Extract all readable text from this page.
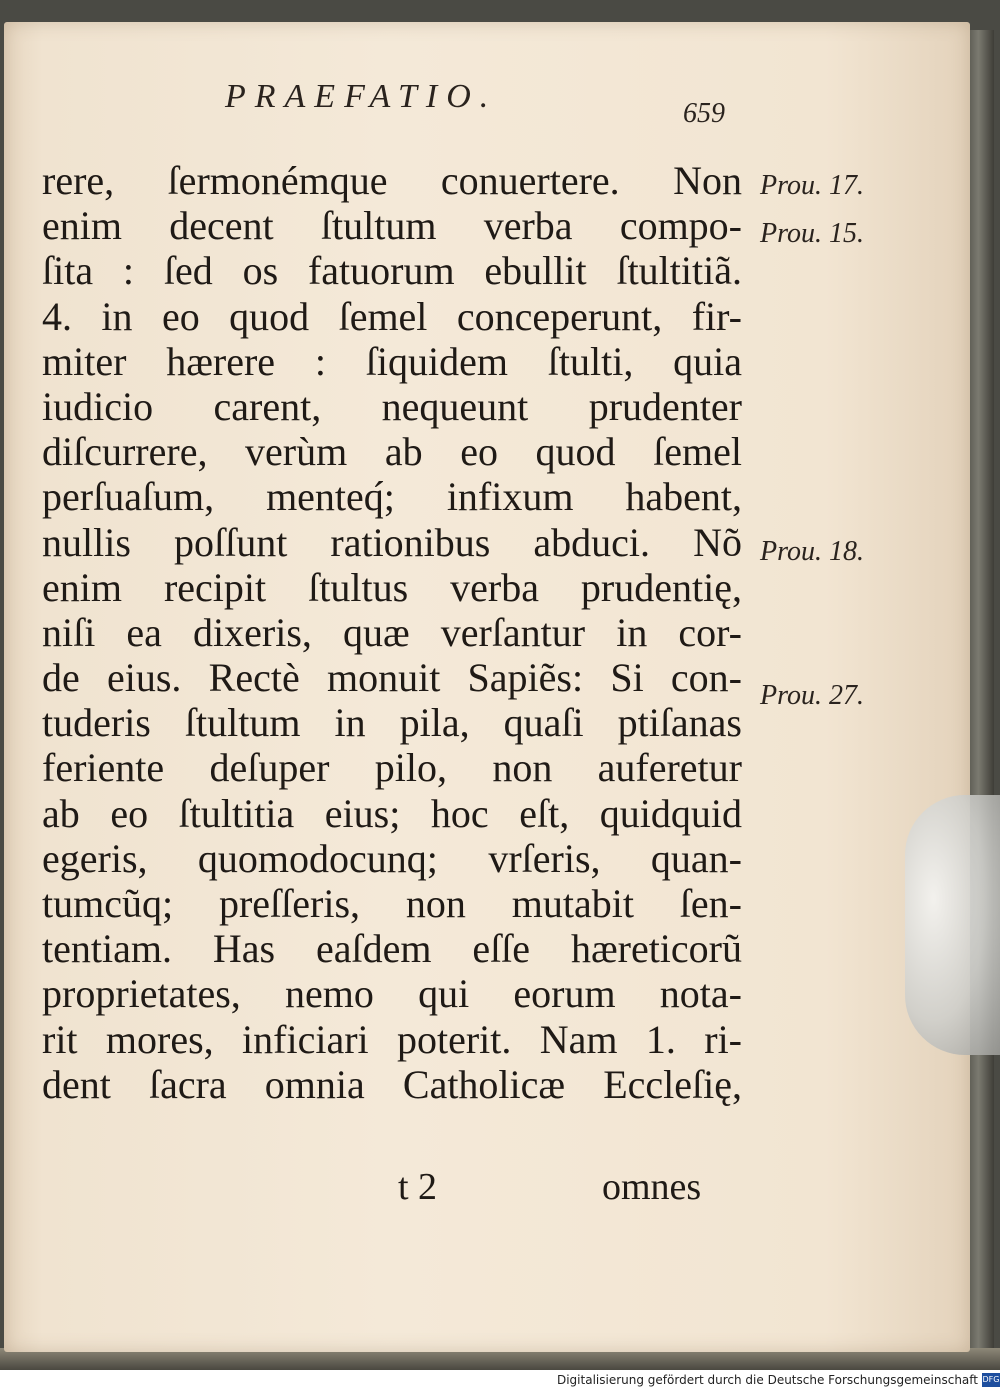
PRAEFATIO.	659
rere, ſermonémque conuertere. Non
enim decent ſtultum verba compo-
ſita : ſed os fatuorum ebullit ſtultitiã.
4. in eo quod ſemel conceperunt, fir-
miter hærere : ſiquidem ſtulti, quia
iudicio carent, nequeunt prudenter
diſcurrere, verùm ab eo quod ſemel
perſuaſum, menteq́; infixum habent,
nullis poſſunt rationibus abduci. Nõ
enim recipit ſtultus verba prudentię,
niſi ea dixeris, quæ verſantur in cor-
de eius. Rectè monuit Sapiẽs: Si con-
tuderis ſtultum in pila, quaſi ptiſanas
feriente deſuper pilo, non auferetur
ab eo ſtultitia eius; hoc eſt, quidquid
egeris, quomodocunq; vrſeris, quan-
tumcũq; preſſeris, non mutabit ſen-
tentiam. Has eaſdem eſſe hæreticorũ
proprietates, nemo qui eorum nota-
rit mores, inficiari poterit. Nam 1. ri-
dent ſacra omnia Catholicæ Eccleſię,
Prou. 17.
Prou. 15.
Prou. 18.
Prou. 27.
t 2	omnes
Digitalisierung gefördert durch die Deutsche Forschungsgemeinschaft DFG
